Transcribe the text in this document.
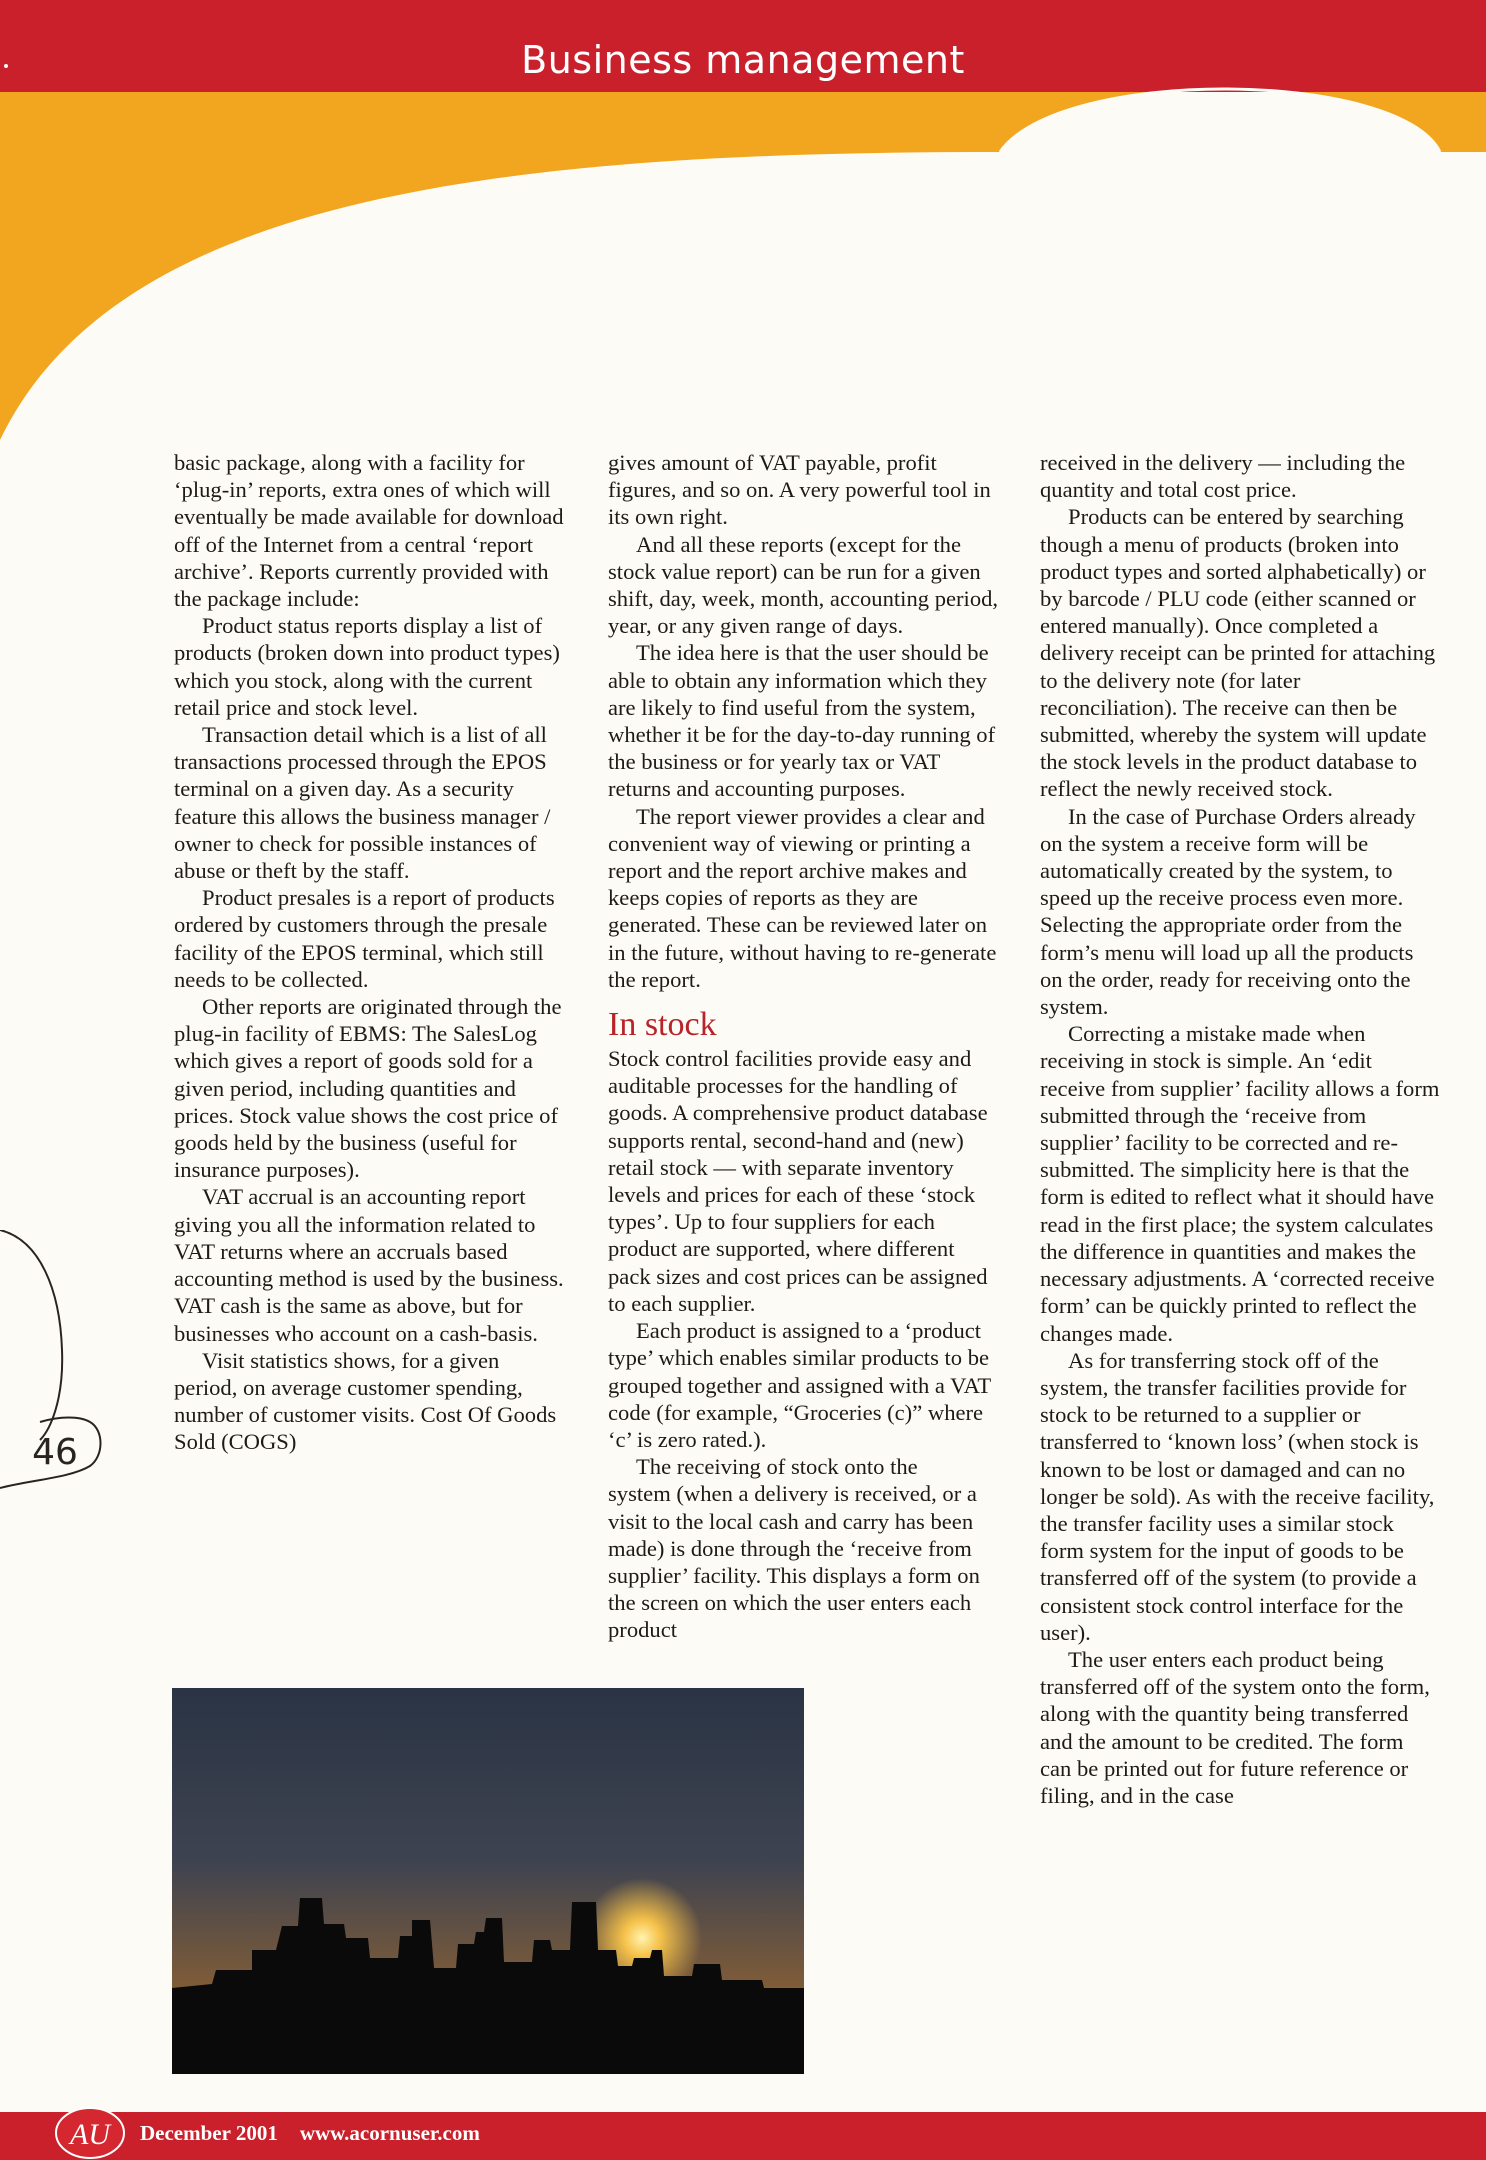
Business management

basic package, along with a facility for ‘plug-in’ reports, extra ones of which will eventually be made available for download off of the Internet from a central ‘report archive’. Reports currently provided with the package include:

Product status reports display a list of products (broken down into product types) which you stock, along with the current retail price and stock level.

Transaction detail which is a list of all transactions processed through the EPOS terminal on a given day. As a security feature this allows the business manager / owner to check for possible instances of abuse or theft by the staff.

Product presales is a report of products ordered by customers through the presale facility of the EPOS terminal, which still needs to be collected.

Other reports are originated through the plug-in facility of EBMS: The SalesLog which gives a report of goods sold for a given period, including quantities and prices. Stock value shows the cost price of goods held by the business (useful for insurance purposes).

VAT accrual is an accounting report giving you all the information related to VAT returns where an accruals based accounting method is used by the business. VAT cash is the same as above, but for businesses who account on a cash-basis.

Visit statistics shows, for a given period, on average customer spending, number of customer visits. Cost Of Goods Sold (COGS)

gives amount of VAT payable, profit figures, and so on. A very powerful tool in its own right.

And all these reports (except for the stock value report) can be run for a given shift, day, week, month, accounting period, year, or any given range of days.

The idea here is that the user should be able to obtain any information which they are likely to find useful from the system, whether it be for the day-to-day running of the business or for yearly tax or VAT returns and accounting purposes.

The report viewer provides a clear and convenient way of viewing or printing a report and the report archive makes and keeps copies of reports as they are generated. These can be reviewed later on in the future, without having to re-generate the report.

In stock

Stock control facilities provide easy and auditable processes for the handling of goods. A comprehensive product database supports rental, second-hand and (new) retail stock — with separate inventory levels and prices for each of these ‘stock types’. Up to four suppliers for each product are supported, where different pack sizes and cost prices can be assigned to each supplier.

Each product is assigned to a ‘product type’ which enables similar products to be grouped together and assigned with a VAT code (for example, “Groceries (c)” where ‘c’ is zero rated.).

The receiving of stock onto the

system (when a delivery is received, or a visit to the local cash and carry has been made) is done through the ‘receive from supplier’ facility. This displays a form on the screen on which the user enters each product

received in the delivery — including the quantity and total cost price.

Products can be entered by searching though a menu of products (broken into product types and sorted alphabetically) or by barcode / PLU code (either scanned or entered manually). Once completed a delivery receipt can be printed for attaching to the delivery note (for later reconciliation). The receive can then be submitted, whereby the system will update the stock levels in the product database to reflect the newly received stock.

In the case of Purchase Orders already on the system a receive form will be automatically created by the system, to speed up the receive process even more. Selecting the appropriate order from the form’s menu will load up all the products on the order, ready for receiving onto the system.

Correcting a mistake made when receiving in stock is simple. An ‘edit receive from supplier’ facility allows a form submitted through the ‘receive from supplier’ facility to be corrected and re-submitted. The simplicity here is that the form is edited to reflect what it should have read in the first place; the system calculates the difference in quantities and makes the necessary adjustments. A ‘corrected receive form’ can be quickly printed to reflect the changes made.

As for transferring stock off of the system, the transfer facilities provide for stock to be returned to a supplier or transferred to ‘known loss’ (when stock is known to be lost or damaged and can no longer be sold). As with the receive facility, the transfer facility uses a similar stock form system for the input of goods to be transferred off of the system (to provide a consistent stock control interface for the user).

The user enters each product being transferred off of the system onto the form, along with the quantity being transferred and the amount to be credited. The form can be printed out for future reference or filing, and in the case

46
AU December 2001 www.acornuser.com
